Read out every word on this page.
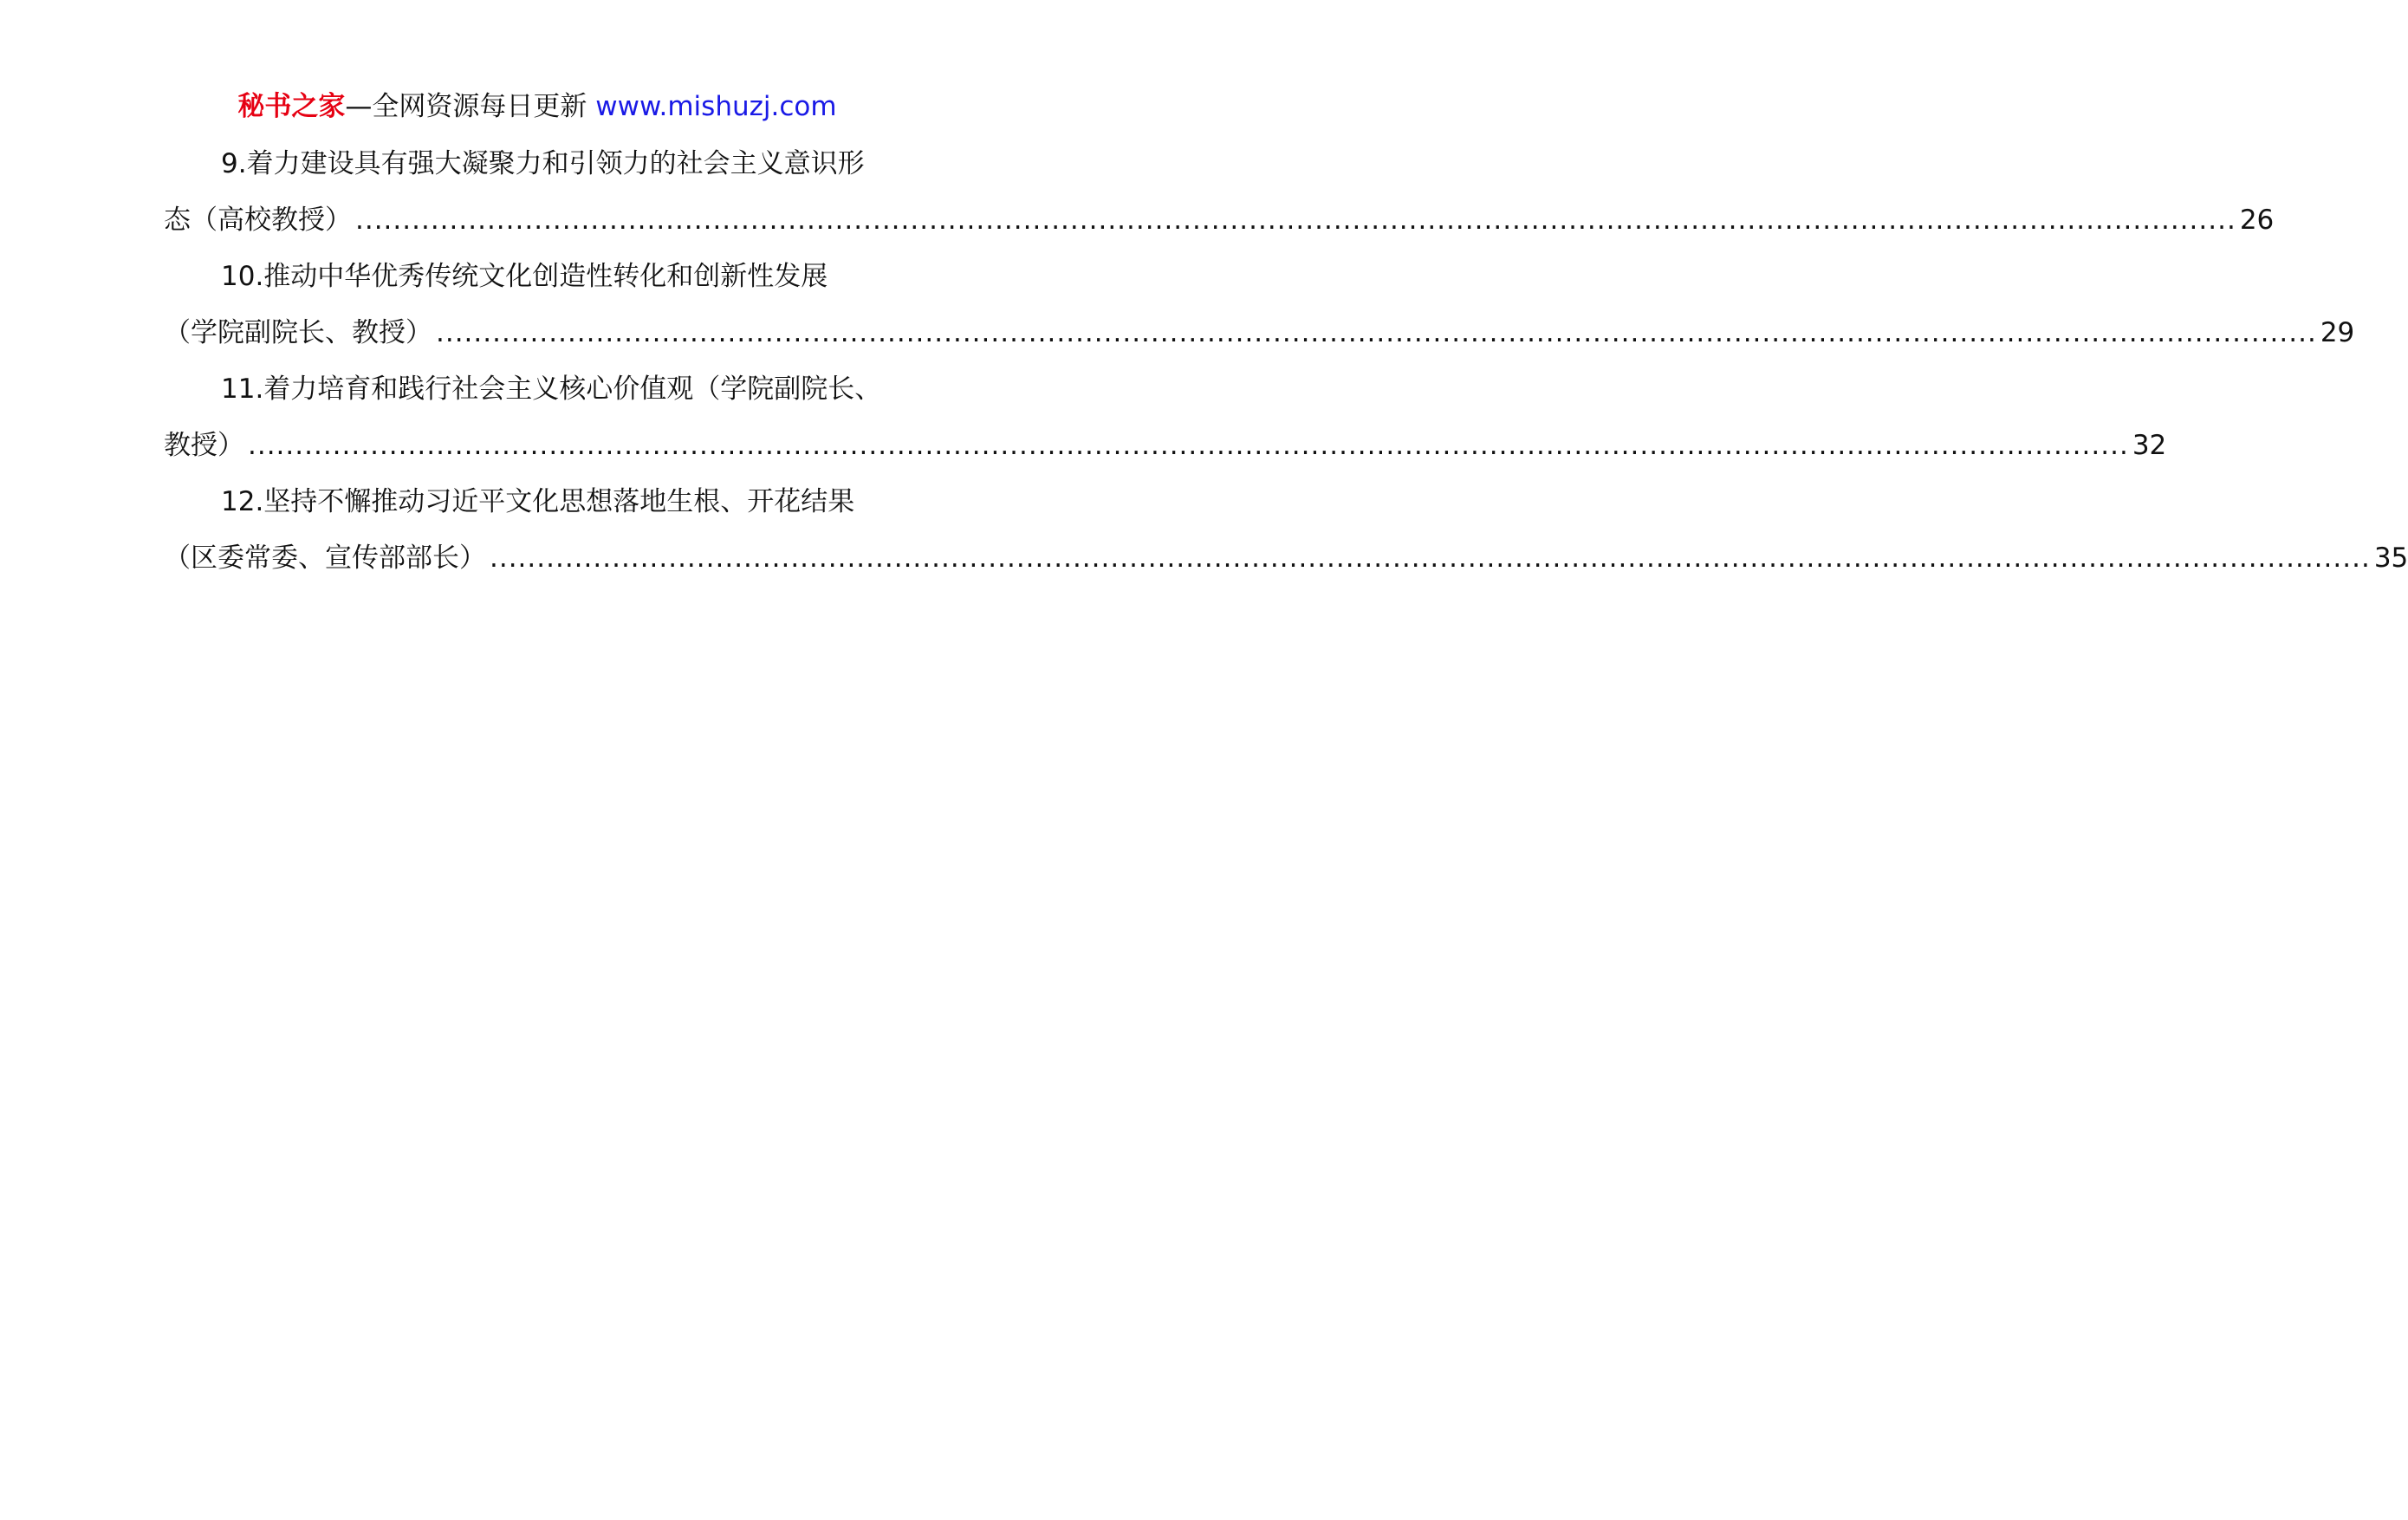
秘书之家—全网资源每日更新 www.mishuzj.com
9.着力建设具有强大凝聚力和引领力的社会主义意识形
态（高校教授） ........................................................................................................................................................................................................ 26
10.推动中华优秀传统文化创造性转化和创新性发展
（学院副院长、教授） ........................................................................................................................................................................................................ 29
11.着力培育和践行社会主义核心价值观（学院副院长、
教授） ........................................................................................................................................................................................................ 32
12.坚持不懈推动习近平文化思想落地生根、开花结果
（区委常委、宣传部部长） ........................................................................................................................................................................................................ 35
